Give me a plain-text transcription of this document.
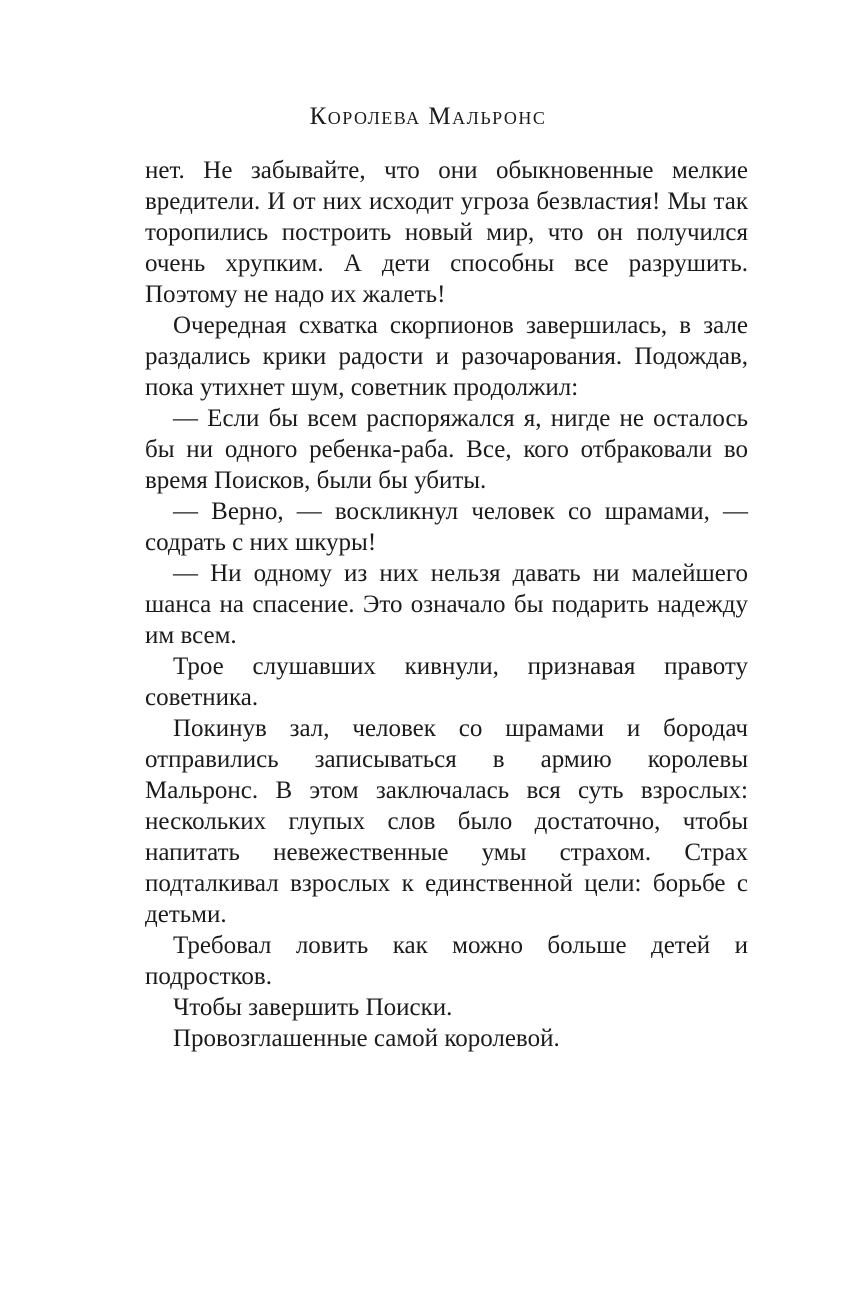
Королева Мальронс

нет. Не забывайте, что они обыкновенные мелкие вредители. И от них исходит угроза безвластия! Мы так торопились построить новый мир, что он получился очень хрупким. А дети способны все разрушить. Поэтому не надо их жалеть!

Очередная схватка скорпионов завершилась, в зале раздались крики радости и разочарования. Подождав, пока утихнет шум, советник продолжил:

— Если бы всем распоряжался я, нигде не осталось бы ни одного ребенка-раба. Все, кого отбраковали во время Поисков, были бы убиты.

— Верно, — воскликнул человек со шрамами, — содрать с них шкуры!

— Ни одному из них нельзя давать ни малейшего шанса на спасение. Это означало бы подарить надежду им всем.

Трое слушавших кивнули, признавая правоту советника.

Покинув зал, человек со шрамами и бородач отправились записываться в армию королевы Мальронс. В этом заключалась вся суть взрослых: нескольких глупых слов было достаточно, чтобы напитать невежественные умы страхом. Страх подталкивал взрослых к единственной цели: борьбе с детьми.

Требовал ловить как можно больше детей и подростков.

Чтобы завершить Поиски.

Провозглашенные самой королевой.
